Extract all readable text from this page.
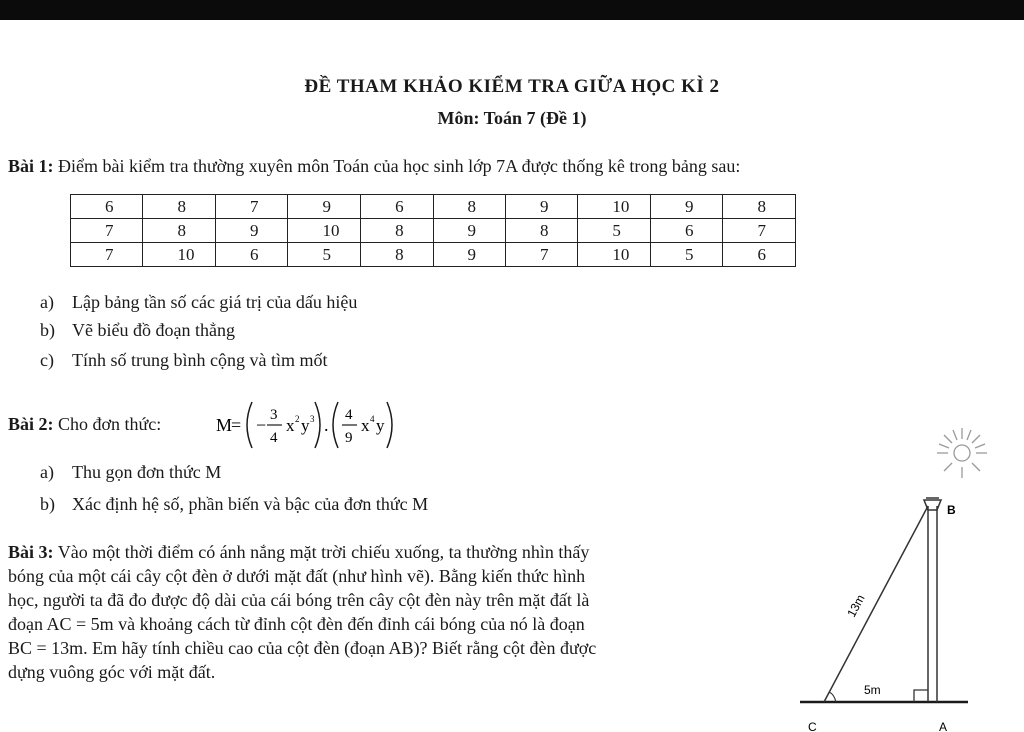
ĐỀ THAM KHẢO KIỂM TRA GIỮA HỌC KÌ 2
Môn: Toán 7 (Đề 1)
Bài 1: Điểm bài kiểm tra thường xuyên môn Toán của học sinh lớp 7A được thống kê trong bảng sau:
6	8	7	9	6	8	9	10	9	8
7	8	9	10	8	9	8	5	6	7
7	10	6	5	8	9	7	10	5	6
a) Lập bảng tần số các giá trị của dấu hiệu
b) Vẽ biểu đồ đoạn thẳng
c) Tính số trung bình cộng và tìm mốt
Bài 2: Cho đơn thức:	M
= − 3
4
x 2 y 3 . 4
9
x 4 y
a) Thu gọn đơn thức M
b) Xác định hệ số, phần biến và bậc của đơn thức M
Bài 3: Vào một thời điểm có ánh nắng mặt trời chiếu xuống, ta thường nhìn thấy
bóng của một cái cây cột đèn ở dưới mặt đất (như hình vẽ). Bằng kiến thức hình
học, người ta đã đo được độ dài của cái bóng trên cây cột đèn này trên mặt đất là
đoạn AC = 5m và khoảng cách từ đỉnh cột đèn đến đỉnh cái bóng của nó là đoạn
BC = 13m. Em hãy tính chiều cao của cột đèn (đoạn AB)? Biết rằng cột đèn được
dựng vuông góc với mặt đất.
B
C	A
5m
13m
